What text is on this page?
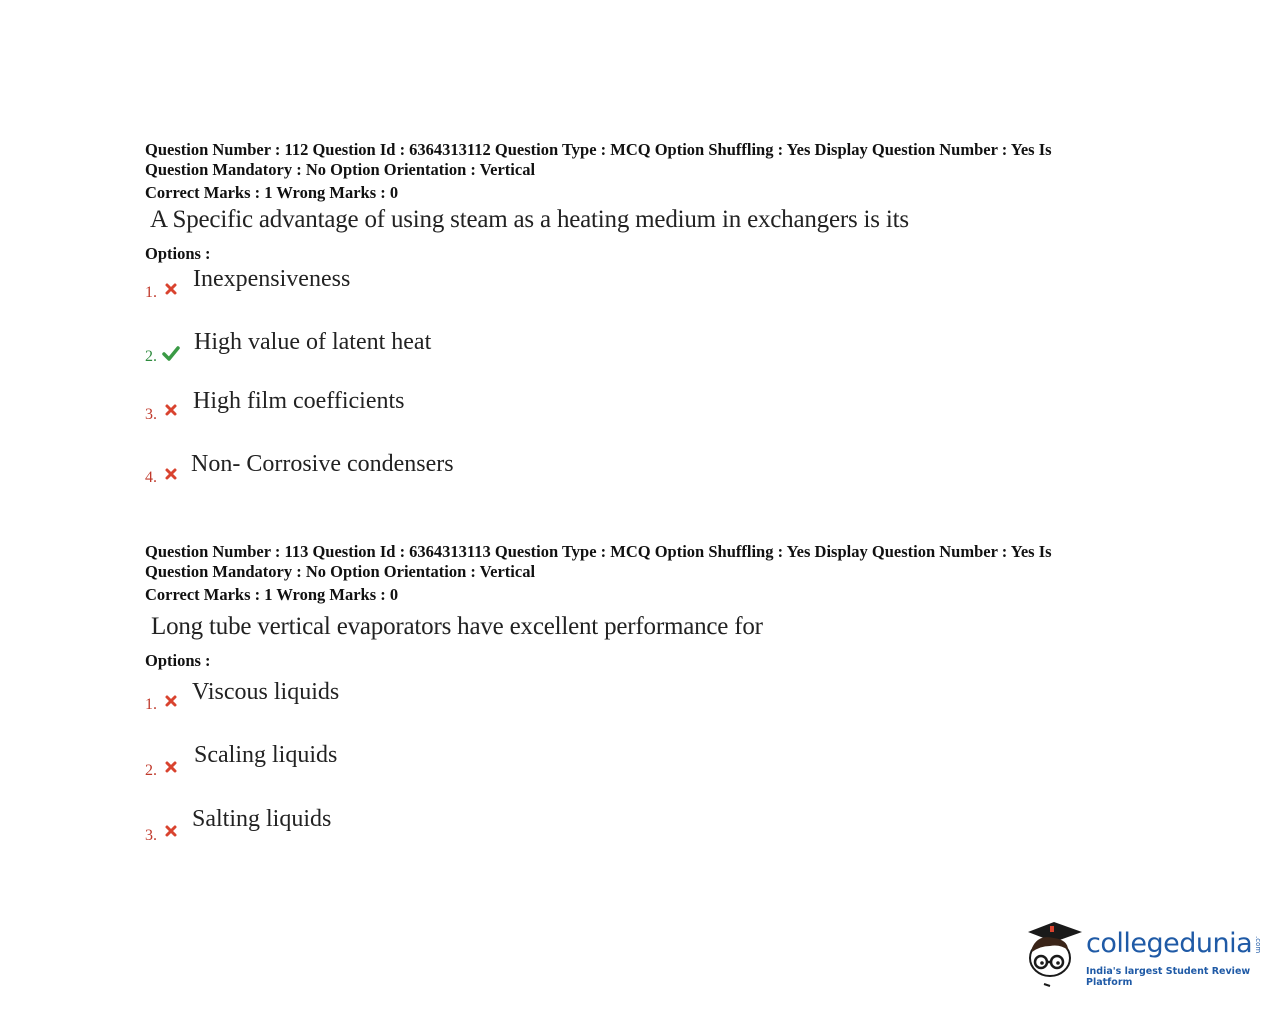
Question Number : 112 Question Id : 6364313112 Question Type : MCQ Option Shuffling : Yes Display Question Number : Yes Is
Question Mandatory : No Option Orientation : Vertical
Correct Marks : 1 Wrong Marks : 0
A Specific advantage of using steam as a heating medium in exchangers is its
Options :
1.
Inexpensiveness
2.
High value of latent heat
3.
High film coefficients
4.
Non- Corrosive condensers
Question Number : 113 Question Id : 6364313113 Question Type : MCQ Option Shuffling : Yes Display Question Number : Yes Is
Question Mandatory : No Option Orientation : Vertical
Correct Marks : 1 Wrong Marks : 0
Long tube vertical evaporators have excellent performance for
Options :
1. Viscous liquids
2.
Scaling liquids
3.
Salting liquids
collegedunia .com
India's largest Student Review Platform
